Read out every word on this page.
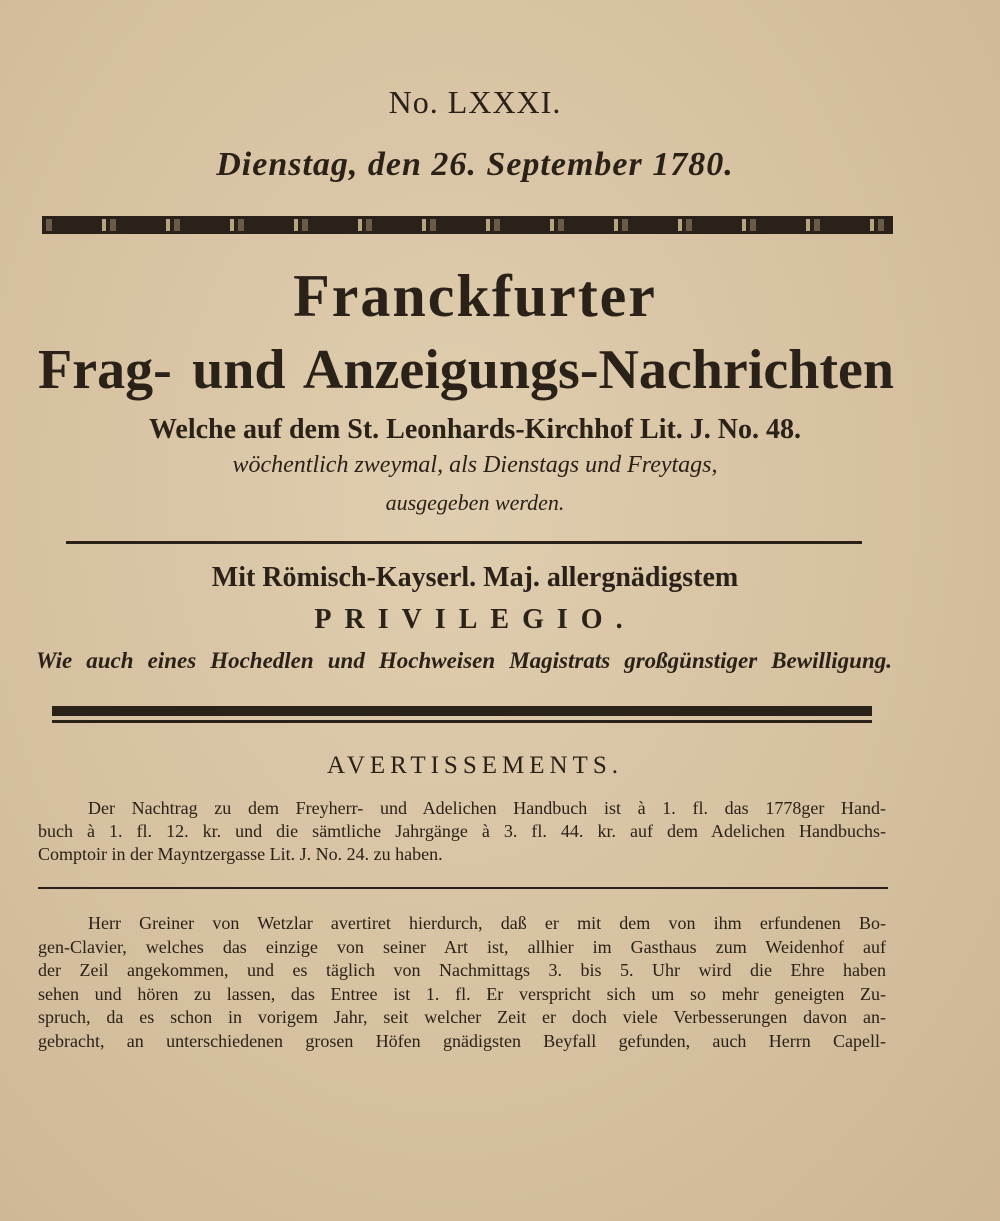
No. LXXXI.
Dienstag, den 26. September 1780.
Franckfurter
Frag- und Anzeigungs-Nachrichten
Welche auf dem St. Leonhards-Kirchhof Lit. J. No. 48.
wöchentlich zweymal, als Dienstags und Freytags,
ausgegeben werden.
Mit Römisch-Kayserl. Maj. allergnädigstem
PRIVILEGIO.
Wie auch eines Hochedlen und Hochweisen Magistrats großgünstiger Bewilligung.
AVERTISSEMENTS.
Der Nachtrag zu dem Freyherr- und Adelichen Handbuch ist à 1. fl. das 1778ger Hand-
buch à 1. fl. 12. kr. und die sämtliche Jahrgänge à 3. fl. 44. kr. auf dem Adelichen Handbuchs-
Comptoir in der Mayntzergasse Lit. J. No. 24. zu haben.
Herr Greiner von Wetzlar avertiret hierdurch, daß er mit dem von ihm erfundenen Bo-
gen-Clavier, welches das einzige von seiner Art ist, allhier im Gasthaus zum Weidenhof auf
der Zeil angekommen, und es täglich von Nachmittags 3. bis 5. Uhr wird die Ehre haben
sehen und hören zu lassen, das Entree ist 1. fl. Er verspricht sich um so mehr geneigten Zu-
spruch, da es schon in vorigem Jahr, seit welcher Zeit er doch viele Verbesserungen davon an-
gebracht, an unterschiedenen grosen Höfen gnädigsten Beyfall gefunden, auch Herrn Capell-
